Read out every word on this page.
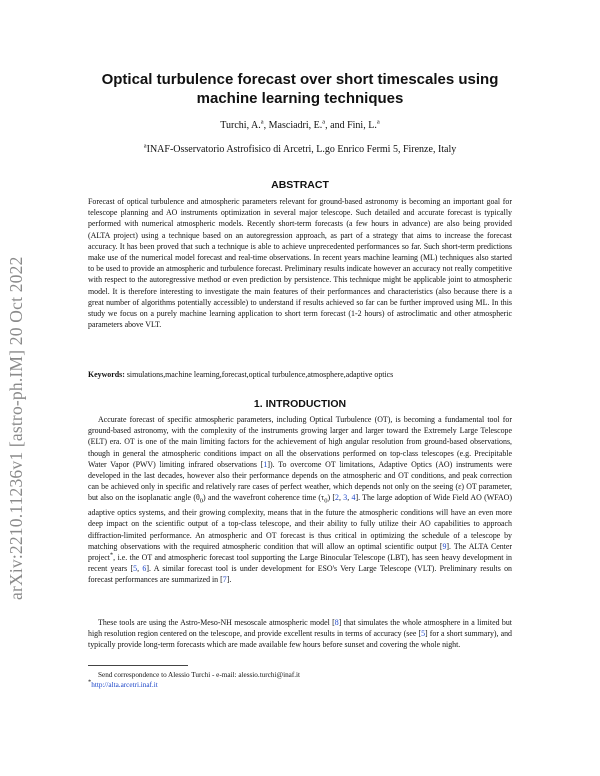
arXiv:2210.11236v1 [astro-ph.IM] 20 Oct 2022
Optical turbulence forecast over short timescales using machine learning techniques
Turchi, A.$^a$, Masciadri, E.$^a$, and Fini, L.$^a$
$^a$INAF-Osservatorio Astrofisico di Arcetri, L.go Enrico Fermi 5, Firenze, Italy
ABSTRACT

Forecast of optical turbulence and atmospheric parameters relevant for ground-based astronomy is becoming an important goal for telescope planning and AO instruments optimization in several major telescope. Such detailed and accurate forecast is typically performed with numerical atmospheric models. Recently short-term forecasts (a few hours in advance) are also being provided (ALTA project) using a technique based on an autoregression approach, as part of a strategy that aims to increase the forecast accuracy. It has been proved that such a technique is able to achieve unprecedented performances so far. Such short-term predictions make use of the numerical model forecast and real-time observations. In recent years machine learning (ML) techniques also started to be used to provide an atmospheric and turbulence forecast. Preliminary results indicate however an accuracy not really competitive with respect to the autoregressive method or even prediction by persistence. This technique might be applicable joint to atmospheric model. It is therefore interesting to investigate the main features of their performances and characteristics (also because there is a great number of algorithms potentially accessible) to understand if results achieved so far can be further improved using ML. In this study we focus on a purely machine learning application to short term forecast (1-2 hours) of astroclimatic and other atmospheric parameters above VLT.

Keywords: simulations,machine learning,forecast,optical turbulence,atmosphere,adaptive optics
1. INTRODUCTION

Accurate forecast of specific atmospheric parameters, including Optical Turbulence (OT), is becoming a fundamental tool for ground-based astronomy, with the complexity of the instruments growing larger and larger toward the Extremely Large Telescope (ELT) era. OT is one of the main limiting factors for the achievement of high angular resolution from ground-based observations, though in general the atmospheric conditions impact on all the observations performed on top-class telescopes (e.g. Precipitable Water Vapor (PWV) limiting infrared observations [1]). To overcome OT limitations, Adaptive Optics (AO) instruments were developed in the last decades, however also their performance depends on the atmospheric and OT conditions, and peak correction can be achieved only in specific and relatively rare cases of perfect weather, which depends not only on the seeing (ε) OT parameter, but also on the isoplanatic angle $(\theta_0)$ and the wavefront coherence time $(\tau_0)$ [2, 3, 4]. The large adoption of Wide Field AO (WFAO) adaptive optics systems, and their growing complexity, means that in the future the atmospheric conditions will have an even more deep impact on the scientific output of a top-class telescope, and their ability to fully utilize their AO capabilities to approach diffraction-limited performance. An atmospheric and OT forecast is thus critical in optimizing the schedule of a telescope by matching observations with the required atmospheric condition that will allow an optimal scientific output [9]. The ALTA Center project*, i.e. the OT and atmospheric forecast tool supporting the Large Binocular Telescope (LBT), has seen heavy development in recent years [5, 6]. A similar forecast tool is under development for ESO's Very Large Telescope (VLT). Preliminary results on forecast performances are summarized in [7].

These tools are using the Astro-Meso-NH mesoscale atmospheric model [8] that simulates the whole atmosphere in a limited but high resolution region centered on the telescope, and provide excellent results in terms of accuracy (see [5] for a short summary), and typically provide long-term forecasts which are made available few hours before sunset and covering the whole night.

Send correspondence to Alessio Turchi - e-mail: alessio.turchi@inaf.it
*http://alta.arcetri.inaf.it
